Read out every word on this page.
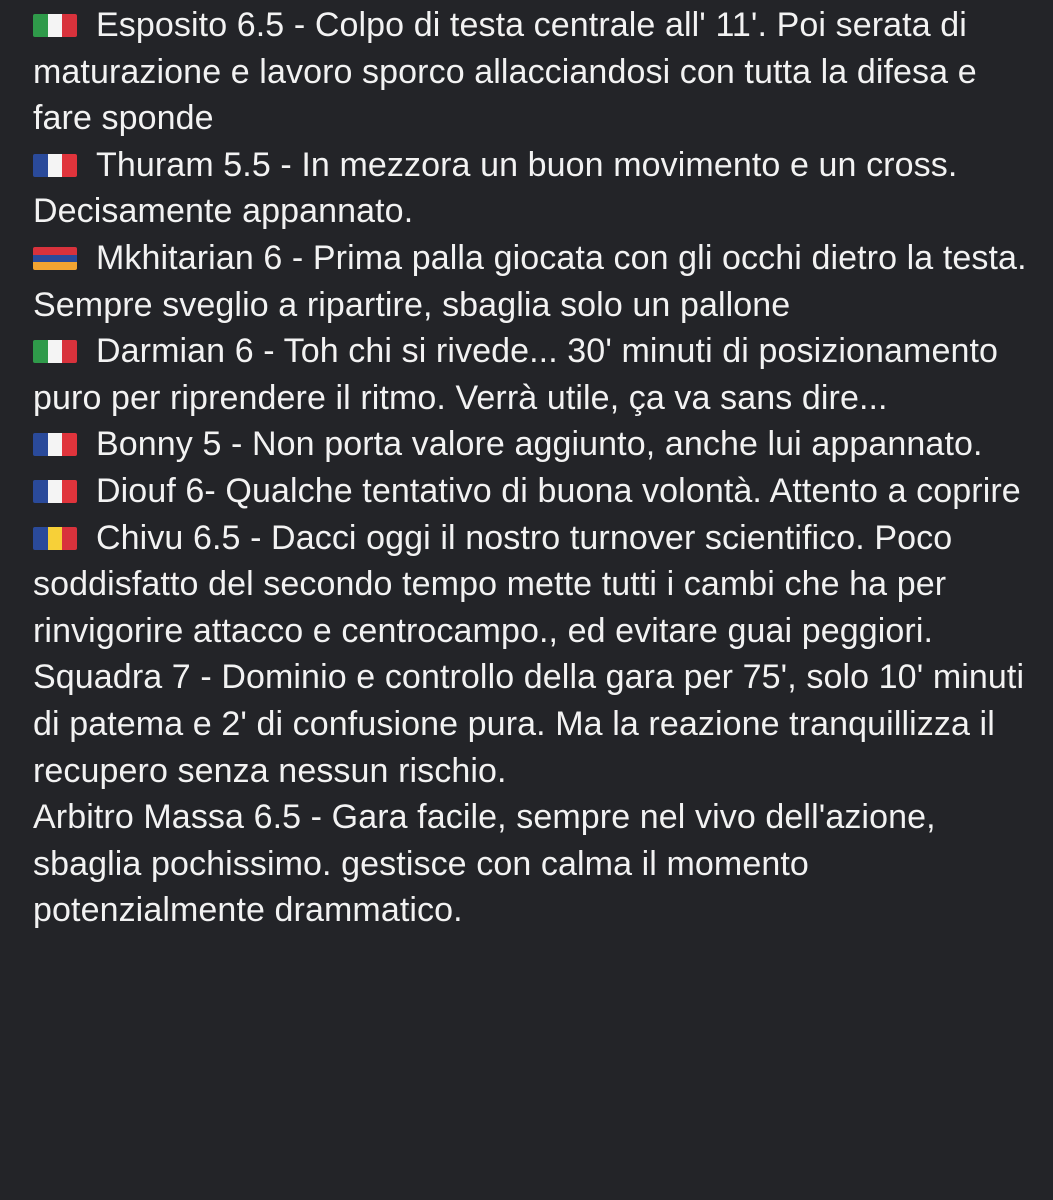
Esposito 6.5 - Colpo di testa centrale all' 11'. Poi serata di maturazione e lavoro sporco allacciandosi con tutta la difesa e fare sponde
Thuram 5.5 - In mezzora un buon movimento e un cross. Decisamente appannato.
Mkhitarian 6 - Prima palla giocata con gli occhi dietro la testa. Sempre sveglio a ripartire, sbaglia solo un pallone
Darmian 6 - Toh chi si rivede... 30' minuti di posizionamento puro per riprendere il ritmo. Verrà utile, ça va sans dire...
Bonny 5 - Non porta valore aggiunto, anche lui appannato.
Diouf 6- Qualche tentativo di buona volontà. Attento a coprire
Chivu 6.5 - Dacci oggi il nostro turnover scientifico. Poco soddisfatto del secondo tempo mette tutti i cambi che ha per rinvigorire attacco e centrocampo., ed evitare guai peggiori.
Squadra 7 - Dominio e controllo della gara per 75', solo 10' minuti di patema e 2' di confusione pura. Ma la reazione tranquillizza il recupero senza nessun rischio.
Arbitro Massa 6.5 - Gara facile, sempre nel vivo dell'azione, sbaglia pochissimo. gestisce con calma il momento potenzialmente drammatico.
